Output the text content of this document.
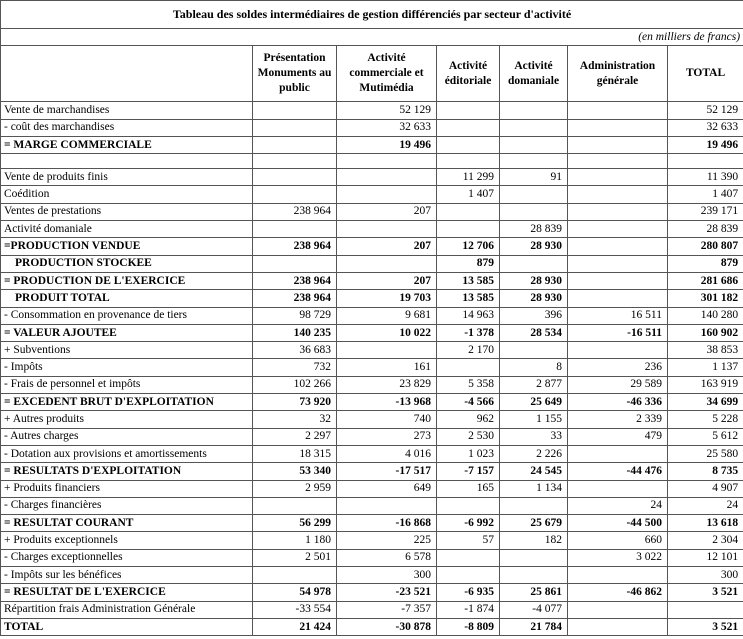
Tableau des soldes intermédiaires de gestion différenciés par secteur d'activité						

						(en milliers de francs)

	Présentation Monuments au public	Activité commerciale et Mutimédia	Activité éditoriale	Activité domaniale	Administration générale	TOTAL
Vente de marchandises		52 129				52 129
- coût des marchandises		32 633				32 633
= MARGE COMMERCIALE		19 496				19 496

Vente de produits finis			11 299	91		11 390
Coédition			1 407			1 407
Ventes de prestations	238 964	207				239 171
Activité domaniale				28 839		28 839
=PRODUCTION VENDUE	238 964	207	12 706	28 930		280 807
PRODUCTION STOCKEE			879			879
= PRODUCTION DE L'EXERCICE	238 964	207	13 585	28 930		281 686
PRODUIT TOTAL	238 964	19 703	13 585	28 930		301 182
- Consommation en provenance de tiers	98 729	9 681	14 963	396	16 511	140 280
= VALEUR AJOUTEE	140 235	10 022	-1 378	28 534	-16 511	160 902
+ Subventions	36 683		2 170			38 853
- Impôts	732	161		8	236	1 137
- Frais de personnel et impôts	102 266	23 829	5 358	2 877	29 589	163 919
= EXCEDENT BRUT D'EXPLOITATION	73 920	-13 968	-4 566	25 649	-46 336	34 699
+ Autres produits	32	740	962	1 155	2 339	5 228
- Autres charges	2 297	273	2 530	33	479	5 612
- Dotation aux provisions et amortissements	18 315	4 016	1 023	2 226		25 580
= RESULTATS D'EXPLOITATION	53 340	-17 517	-7 157	24 545	-44 476	8 735
+ Produits financiers	2 959	649	165	1 134		4 907
- Charges financières					24	24
= RESULTAT COURANT	56 299	-16 868	-6 992	25 679	-44 500	13 618
+ Produits exceptionnels	1 180	225	57	182	660	2 304
- Charges exceptionnelles	2 501	6 578			3 022	12 101
- Impôts sur les bénéfices		300				300
= RESULTAT DE L'EXERCICE	54 978	-23 521	-6 935	25 861	-46 862	3 521
Répartition frais Administration Générale	-33 554	-7 357	-1 874	-4 077		
TOTAL	21 424	-30 878	-8 809	21 784		3 521
